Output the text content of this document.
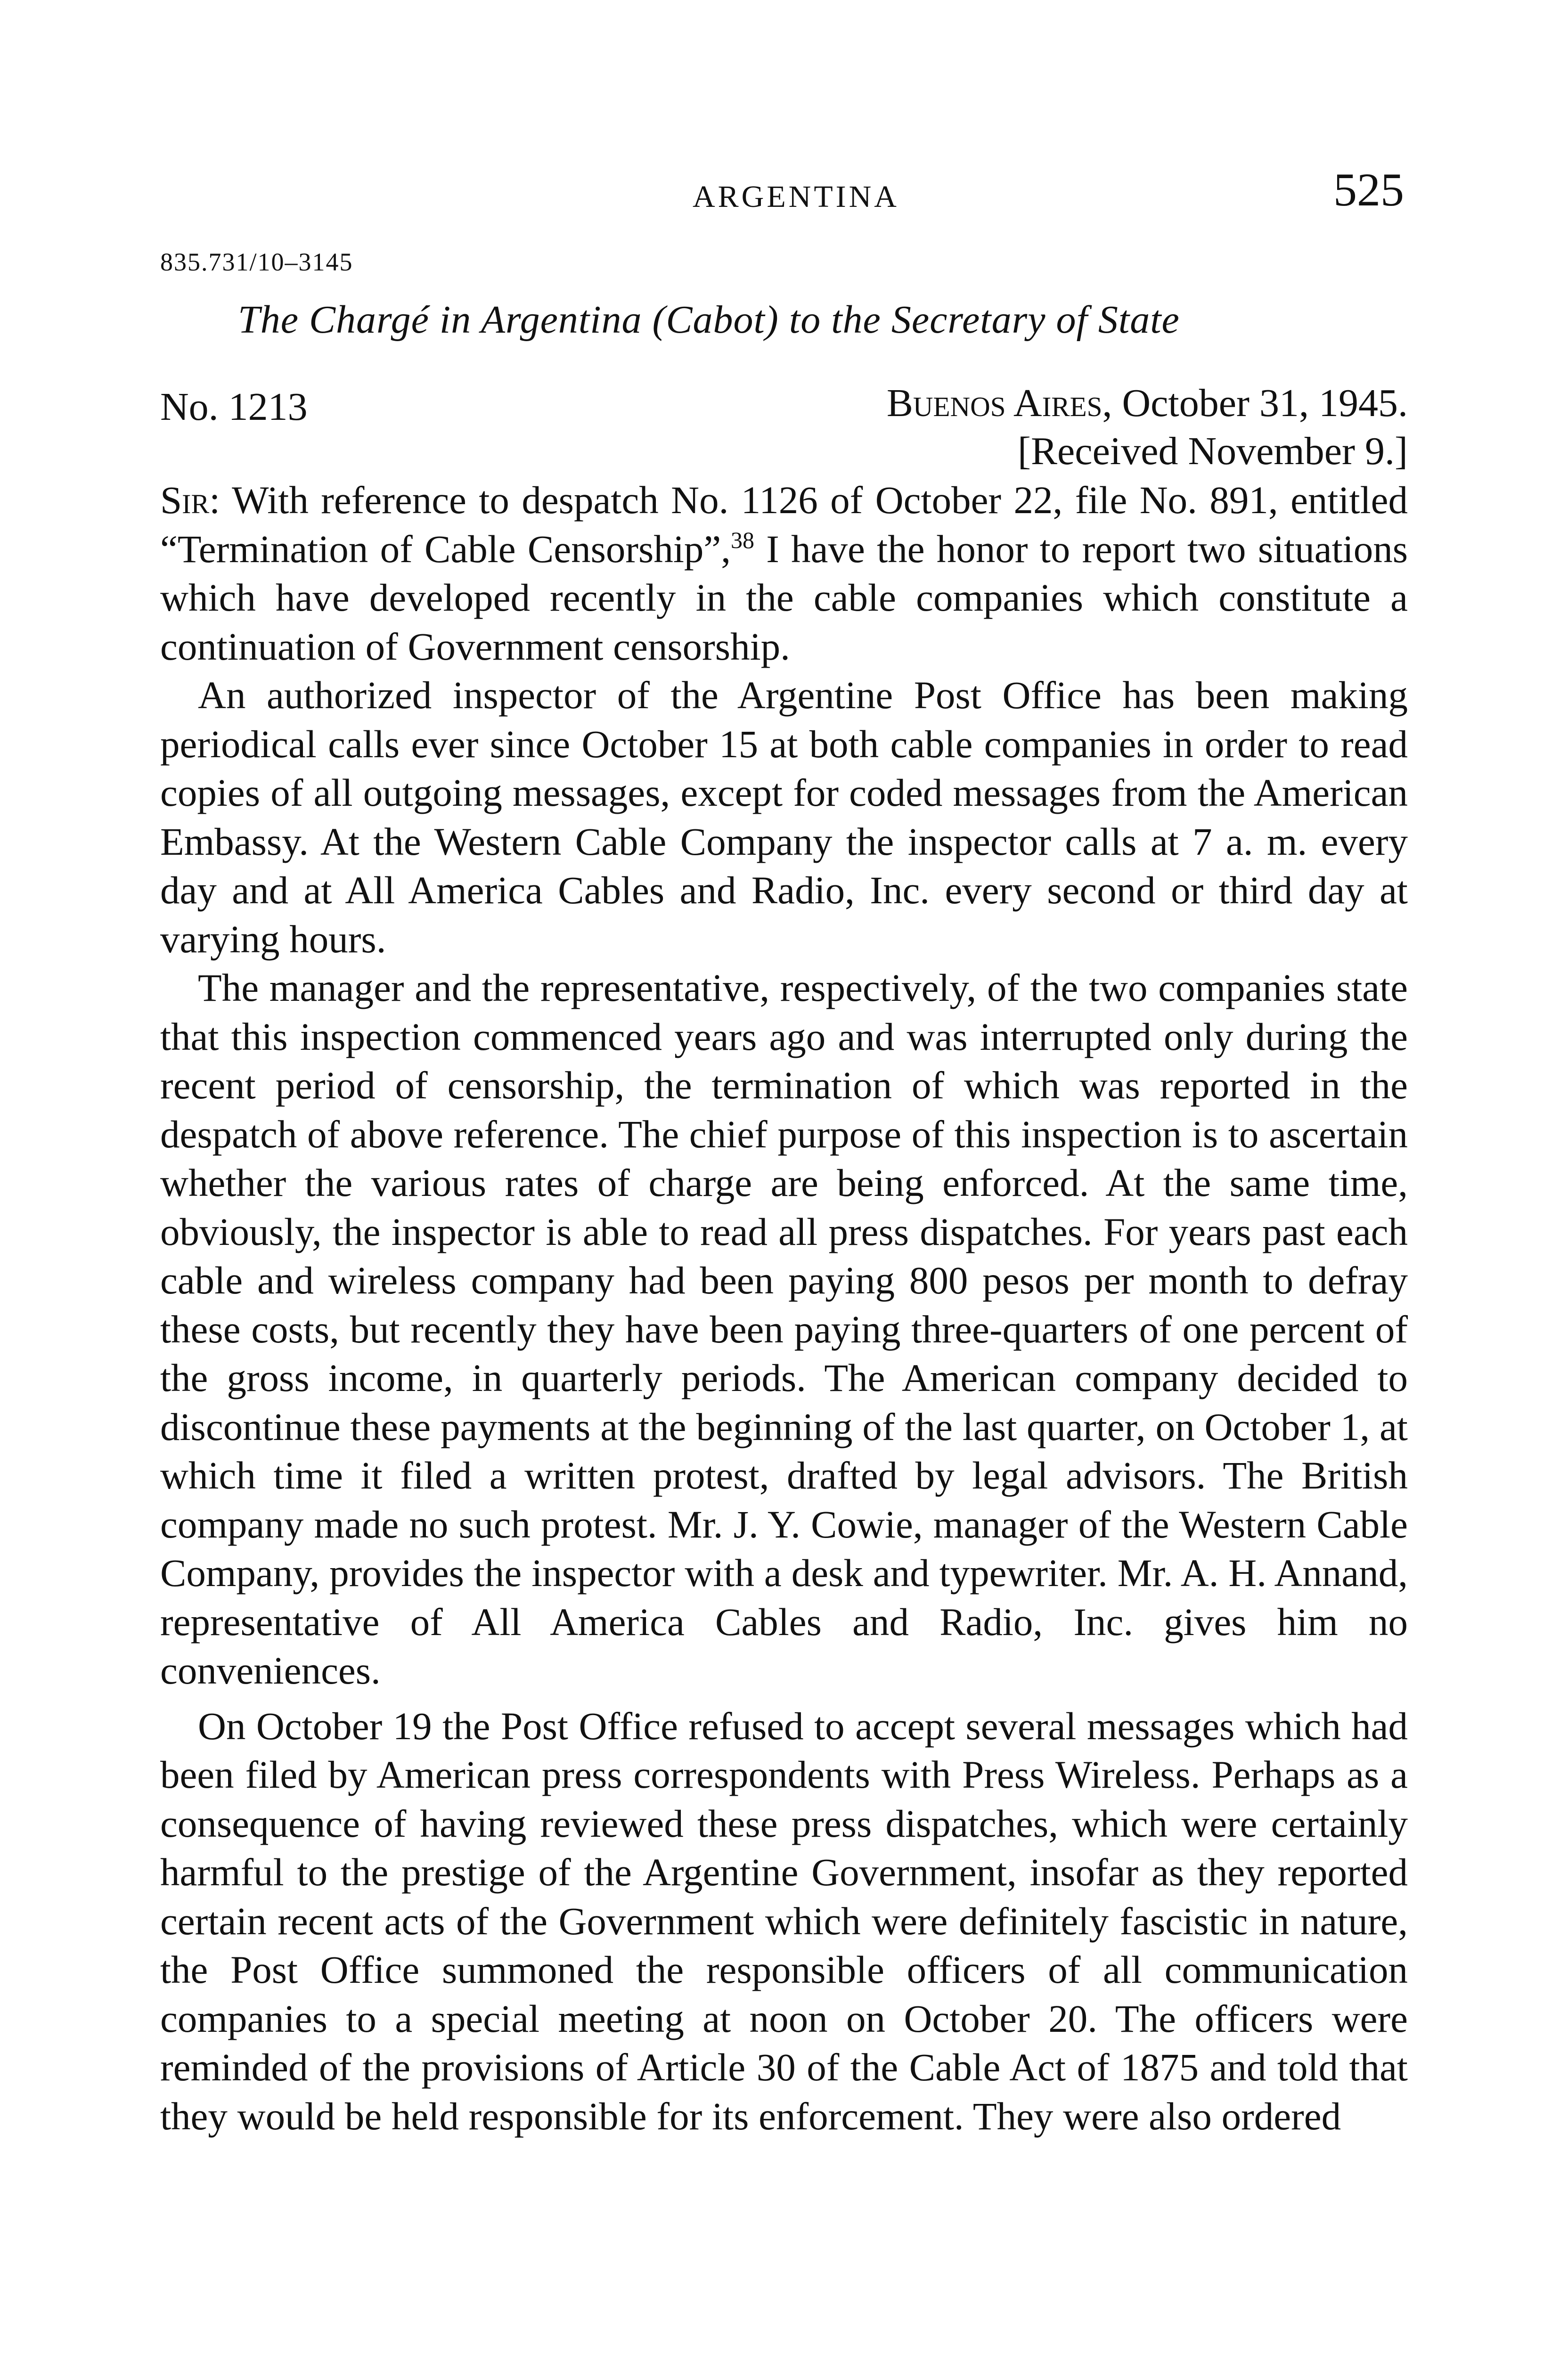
ARGENTINA	525
835.731/10–3145
The Chargé in Argentina (Cabot) to the Secretary of State
No. 1213	Buenos Aires, October 31, 1945.
[Received November 9.]

Sir: With reference to despatch No. 1126 of October 22, file No. 891, entitled “Termination of Cable Censorship”,$^{38}$ I have the honor to report two situations which have developed recently in the cable companies which constitute a continuation of Government censorship.

An authorized inspector of the Argentine Post Office has been making periodical calls ever since October 15 at both cable companies in order to read copies of all outgoing messages, except for coded messages from the American Embassy. At the Western Cable Company the inspector calls at 7 a. m. every day and at All America Cables and Radio, Inc. every second or third day at varying hours.

The manager and the representative, respectively, of the two companies state that this inspection commenced years ago and was interrupted only during the recent period of censorship, the termination of which was reported in the despatch of above reference. The chief purpose of this inspection is to ascertain whether the various rates of charge are being enforced. At the same time, obviously, the inspector is able to read all press dispatches. For years past each cable and wireless company had been paying 800 pesos per month to defray these costs, but recently they have been paying three-quarters of one percent of the gross income, in quarterly periods. The American company decided to discontinue these payments at the beginning of the last quarter, on October 1, at which time it filed a written protest, drafted by legal advisors. The British company made no such protest. Mr. J. Y. Cowie, manager of the Western Cable Company, provides the inspector with a desk and typewriter. Mr. A. H. Annand, representative of All America Cables and Radio, Inc. gives him no conveniences.

On October 19 the Post Office refused to accept several messages which had been filed by American press correspondents with Press Wireless. Perhaps as a consequence of having reviewed these press dispatches, which were certainly harmful to the prestige of the Argentine Government, insofar as they reported certain recent acts of the Government which were definitely fascistic in nature, the Post Office summoned the responsible officers of all communication companies to a special meeting at noon on October 20. The officers were reminded of the provisions of Article 30 of the Cable Act of 1875 and told that they would be held responsible for its enforcement. They were also ordered
